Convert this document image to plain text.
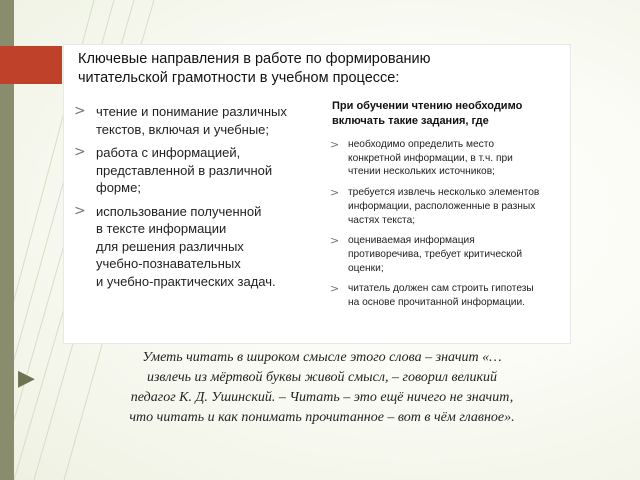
Ключевые направления в работе по формированию
читательской грамотности в учебном процессе:
> чтение и понимание различных
текстов, включая и учебные;
> работа с информацией,
представленной в различной
форме;
> использование полученной
в тексте информации
для решения различных
учебно-познавательных
и учебно-практических задач.
При обучении чтению необходимо
включать такие задания, где
> необходимо определить место
конкретной информации, в т.ч. при
чтении нескольких источников;
> требуется извлечь несколько элементов
информации, расположенные в разных
частях текста;
> оцениваемая информация
противоречива, требует критической
оценки;
> читатель должен сам строить гипотезы
на основе прочитанной информации.
▶
Уметь читать в широком смысле этого слова – значит «…
извлечь из мёртвой буквы живой смысл, – говорил великий
педагог К. Д. Ушинский. – Читать – это ещё ничего не значит,
что читать и как понимать прочитанное – вот в чём главное».
